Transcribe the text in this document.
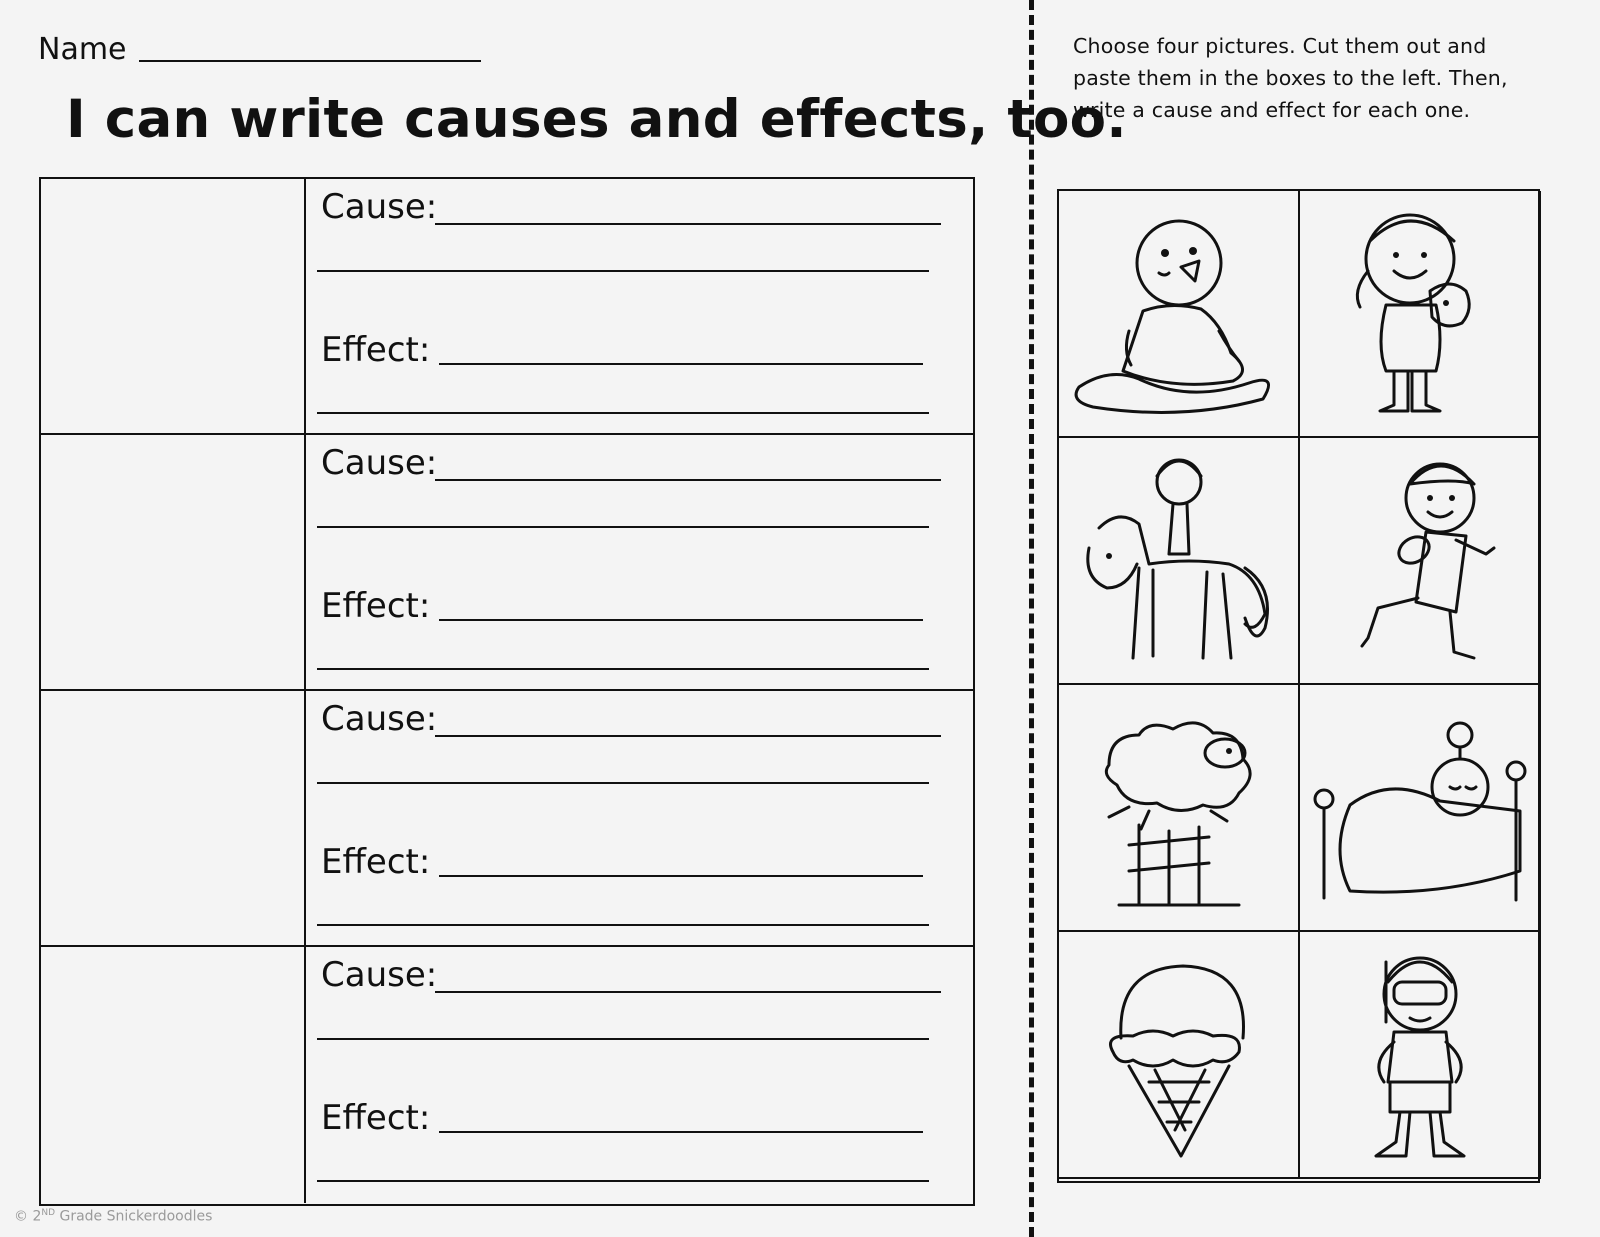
Name
I can write causes and effects, too.
Cause:
Effect:
Cause:
Effect:
Cause:
Effect:
Cause:
Effect:
Choose four pictures. Cut them out and
paste them in the boxes to the left. Then,
write a cause and effect for each one.
© 2ND Grade Snickerdoodles
